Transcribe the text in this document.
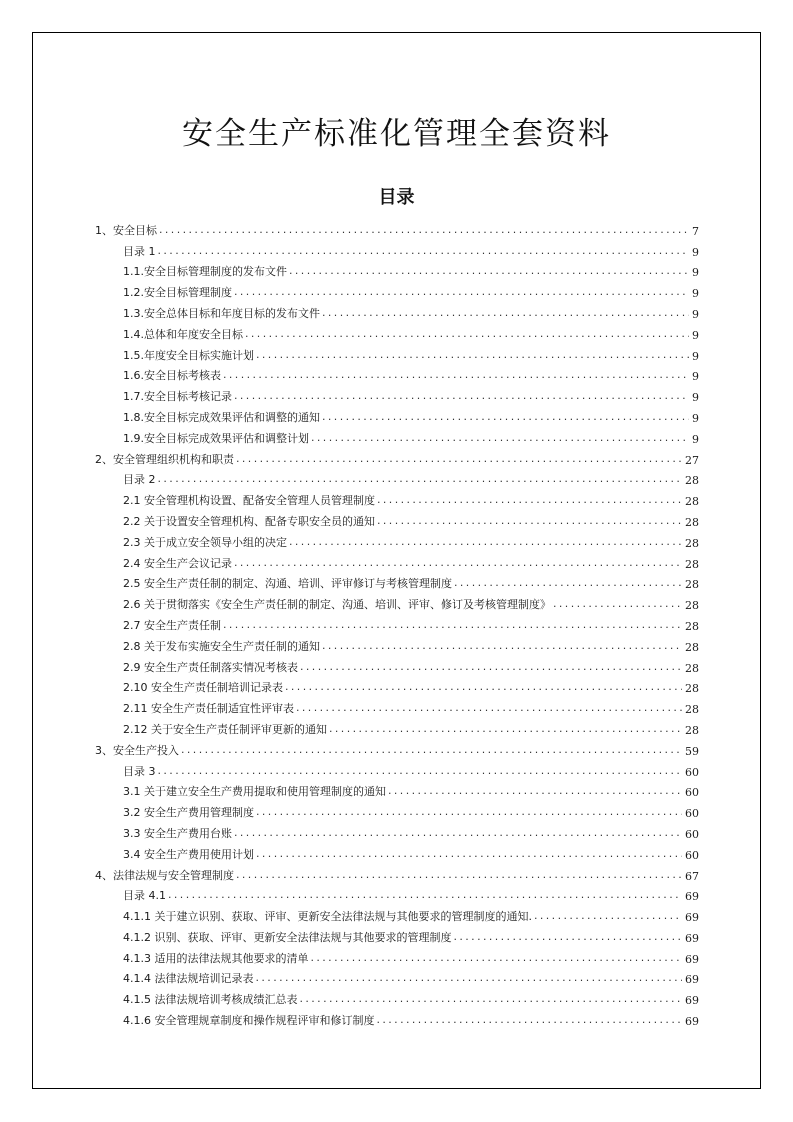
安全生产标准化管理全套资料
目录
1、安全目标 .....	7
目录 1 .....	9
1.1.安全目标管理制度的发布文件 .....	9
1.2.安全目标管理制度 .....	9
1.3.安全总体目标和年度目标的发布文件 .....	9
1.4.总体和年度安全目标 .....	9
1.5.年度安全目标实施计划 .....	9
1.6.安全目标考核表 .....	9
1.7.安全目标考核记录 .....	9
1.8.安全目标完成效果评估和调整的通知 .....	9
1.9.安全目标完成效果评估和调整计划 .....	9
2、安全管理组织机构和职责 .....	27
目录 2 .....	28
2.1 安全管理机构设置、配备安全管理人员管理制度 .....	28
2.2 关于设置安全管理机构、配备专职安全员的通知 .....	28
2.3 关于成立安全领导小组的决定 .....	28
2.4 安全生产会议记录 .....	28
2.5 安全生产责任制的制定、沟通、培训、评审修订与考核管理制度 .....	28
2.6 关于贯彻落实《安全生产责任制的制定、沟通、培训、评审、修订及考核管理制度》 .....	28
2.7 安全生产责任制 .....	28
2.8 关于发布实施安全生产责任制的通知 .....	28
2.9 安全生产责任制落实情况考核表 .....	28
2.10 安全生产责任制培训记录表 .....	28
2.11 安全生产责任制适宜性评审表 .....	28
2.12 关于安全生产责任制评审更新的通知 .....	28
3、安全生产投入 .....	59
目录 3 .....	60
3.1 关于建立安全生产费用提取和使用管理制度的通知 .....	60
3.2 安全生产费用管理制度 .....	60
3.3 安全生产费用台账 .....	60
3.4 安全生产费用使用计划 .....	60
4、法律法规与安全管理制度 .....	67
目录 4.1 .....	69
4.1.1 关于建立识别、获取、评审、更新安全法律法规与其他要求的管理制度的通知. .....	69
4.1.2 识别、获取、评审、更新安全法律法规与其他要求的管理制度 .....	69
4.1.3 适用的法律法规其他要求的清单 .....	69
4.1.4 法律法规培训记录表 .....	69
4.1.5 法律法规培训考核成绩汇总表 .....	69
4.1.6 安全管理规章制度和操作规程评审和修订制度 .....	69
